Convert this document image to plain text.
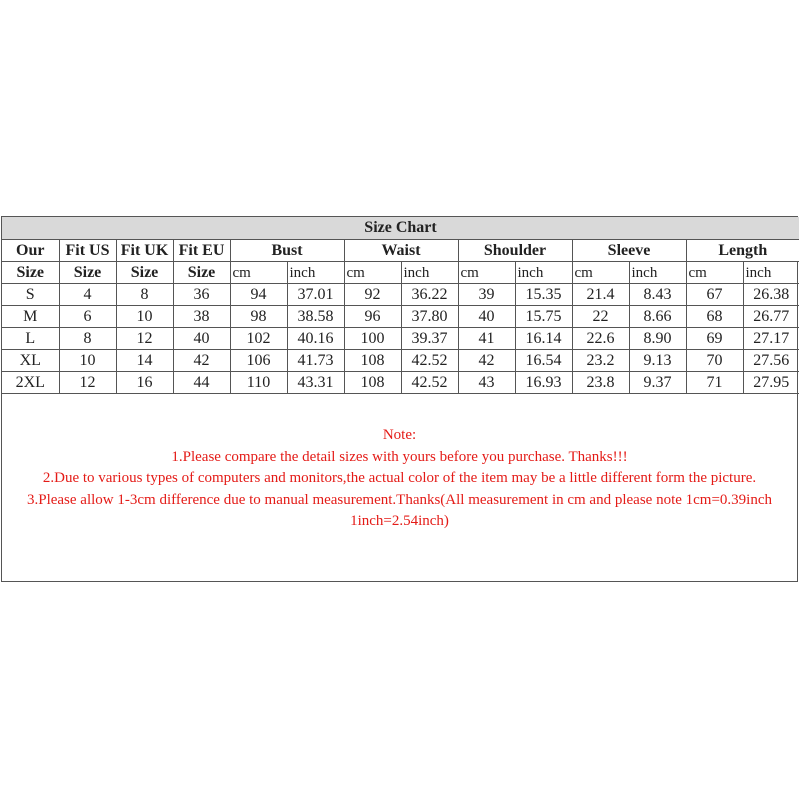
Size Chart													
Our	Fit US	Fit UK	Fit EU	Bust		Waist		Shoulder		Sleeve		Length	
Size	Size	Size	Size	cm	inch	cm	inch	cm	inch	cm	inch	cm	inch
S	4	8	36	94	37.01	92	36.22	39	15.35	21.4	8.43	67	26.38
M	6	10	38	98	38.58	96	37.80	40	15.75	22	8.66	68	26.77
L	8	12	40	102	40.16	100	39.37	41	16.14	22.6	8.90	69	27.17
XL	10	14	42	106	41.73	108	42.52	42	16.54	23.2	9.13	70	27.56
2XL	12	16	44	110	43.31	108	42.52	43	16.93	23.8	9.37	71	27.95
Note:
1.Please compare the detail sizes with yours before you purchase. Thanks!!!
2.Due to various types of computers and monitors,the actual color of the item may be a little different form the picture.
3.Please allow 1-3cm difference due to manual measurement.Thanks(All measurement in cm and please note 1cm=0.39inch 1inch=2.54inch)
